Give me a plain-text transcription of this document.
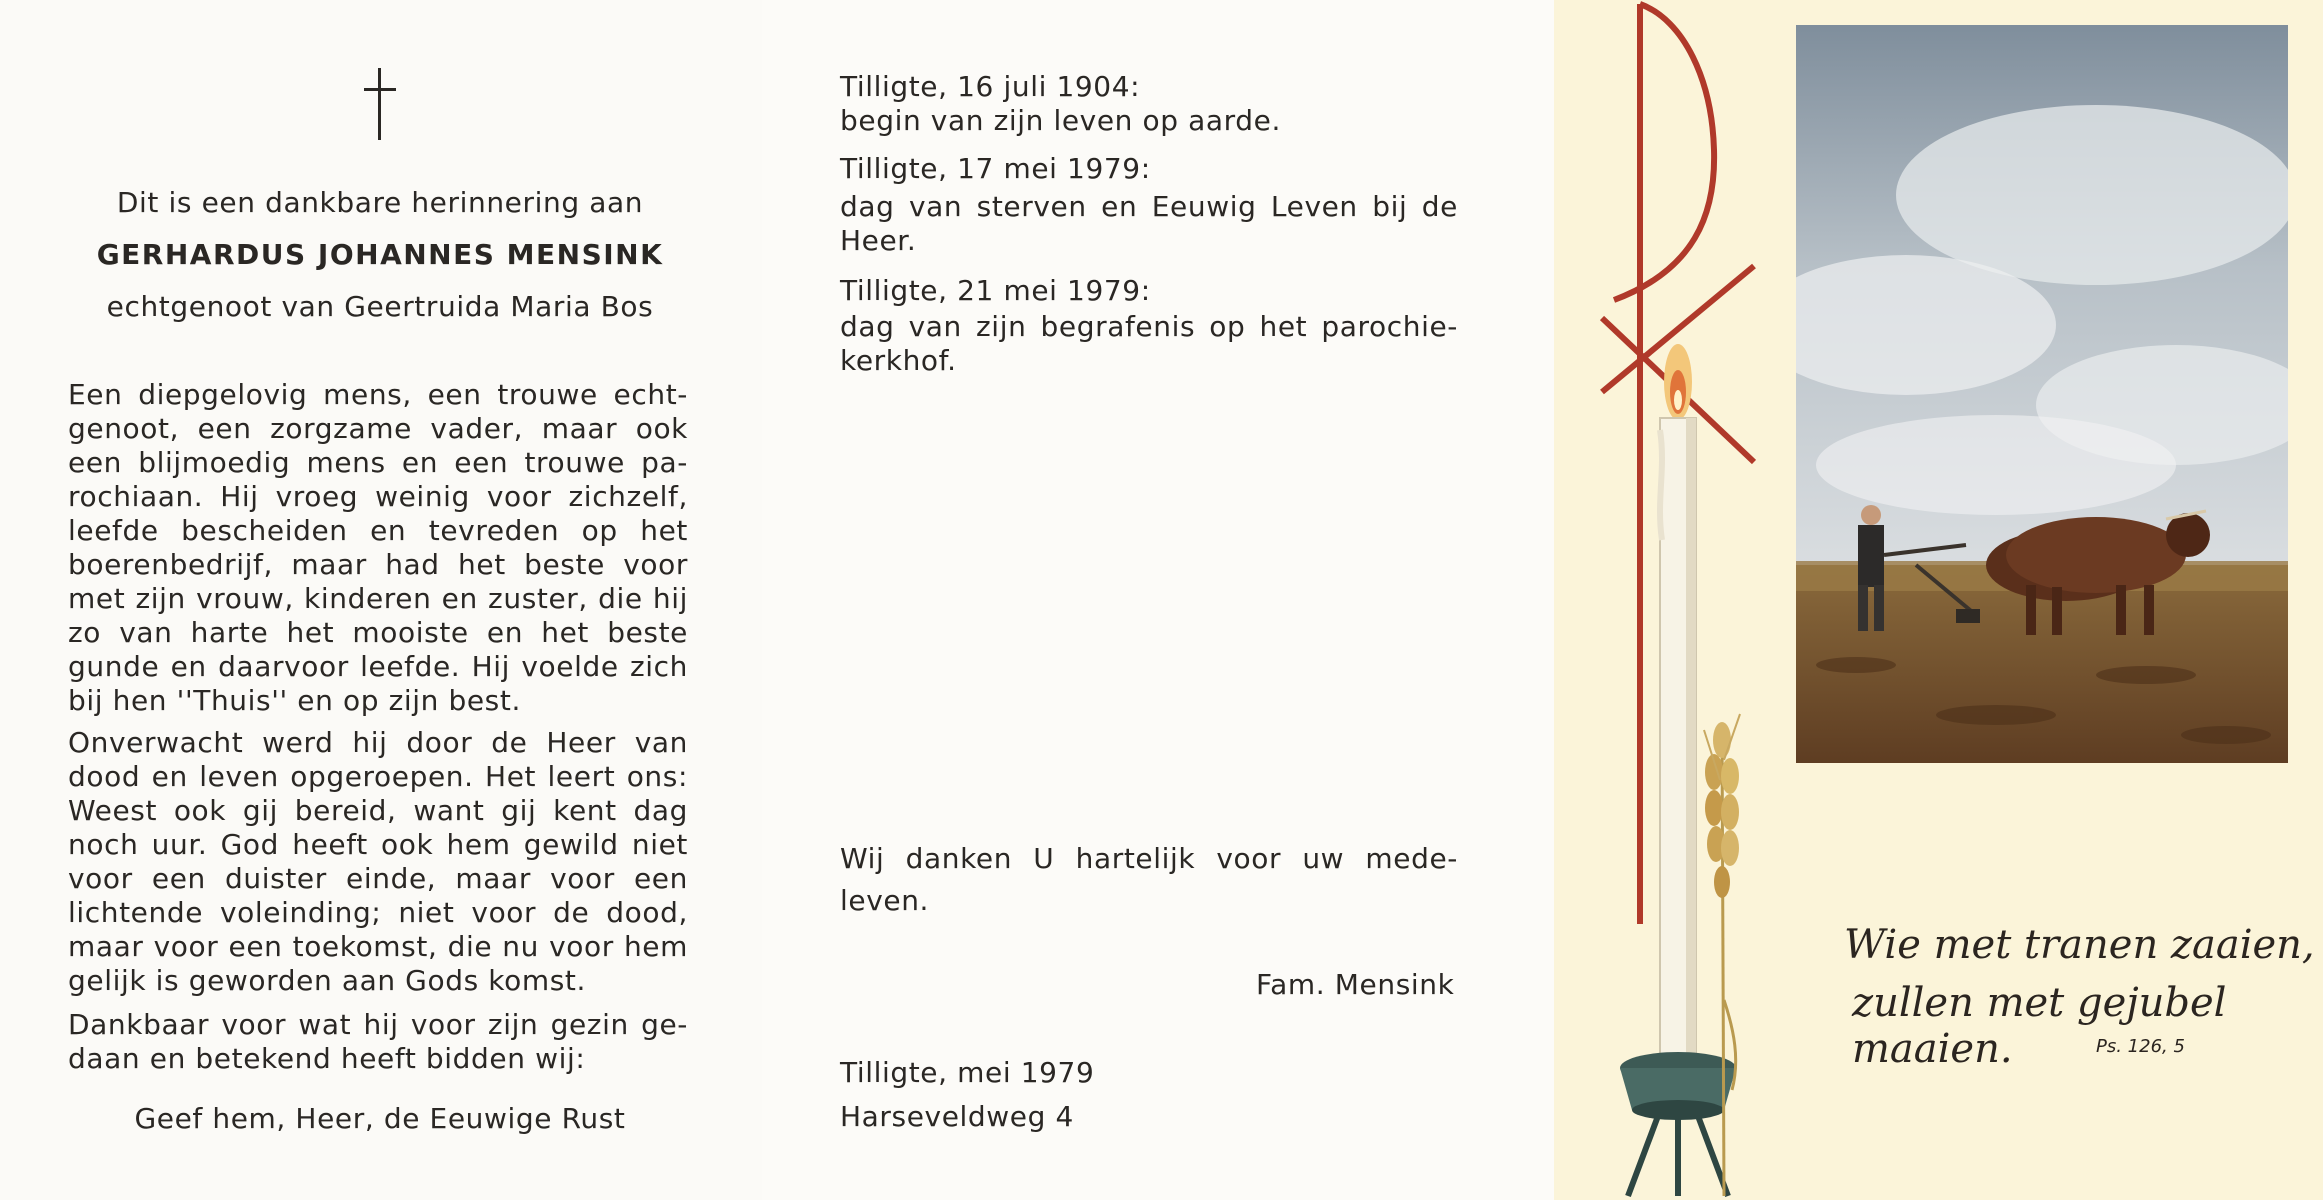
Dit is een dankbare herinnering aan
GERHARDUS JOHANNES MENSINK
echtgenoot van Geertruida Maria Bos
Een diepgelovig mens, een trouwe echt-
genoot, een zorgzame vader, maar ook
een blijmoedig mens en een trouwe pa-
rochiaan. Hij vroeg weinig voor zichzelf,
leefde bescheiden en tevreden op het
boerenbedrijf, maar had het beste voor
met zijn vrouw, kinderen en zuster, die hij
zo van harte het mooiste en het beste
gunde en daarvoor leefde. Hij voelde zich
bij hen ''Thuis'' en op zijn best.
Onverwacht werd hij door de Heer van
dood en leven opgeroepen. Het leert ons:
Weest ook gij bereid, want gij kent dag
noch uur. God heeft ook hem gewild niet
voor een duister einde, maar voor een
lichtende voleinding; niet voor de dood,
maar voor een toekomst, die nu voor hem
gelijk is geworden aan Gods komst.
Dankbaar voor wat hij voor zijn gezin ge-
daan en betekend heeft bidden wij:
Geef hem, Heer, de Eeuwige Rust
Tilligte, 16 juli 1904:
begin van zijn leven op aarde.
Tilligte, 17 mei 1979:
dag van sterven en Eeuwig Leven bij de
Heer.
Tilligte, 21 mei 1979:
dag van zijn begrafenis op het parochie-
kerkhof.
Wij danken U hartelijk voor uw mede-
leven.
Fam. Mensink
Tilligte, mei 1979
Harseveldweg 4
Wie met tranen zaaien,
zullen met gejubel maaien.	Ps. 126, 5
